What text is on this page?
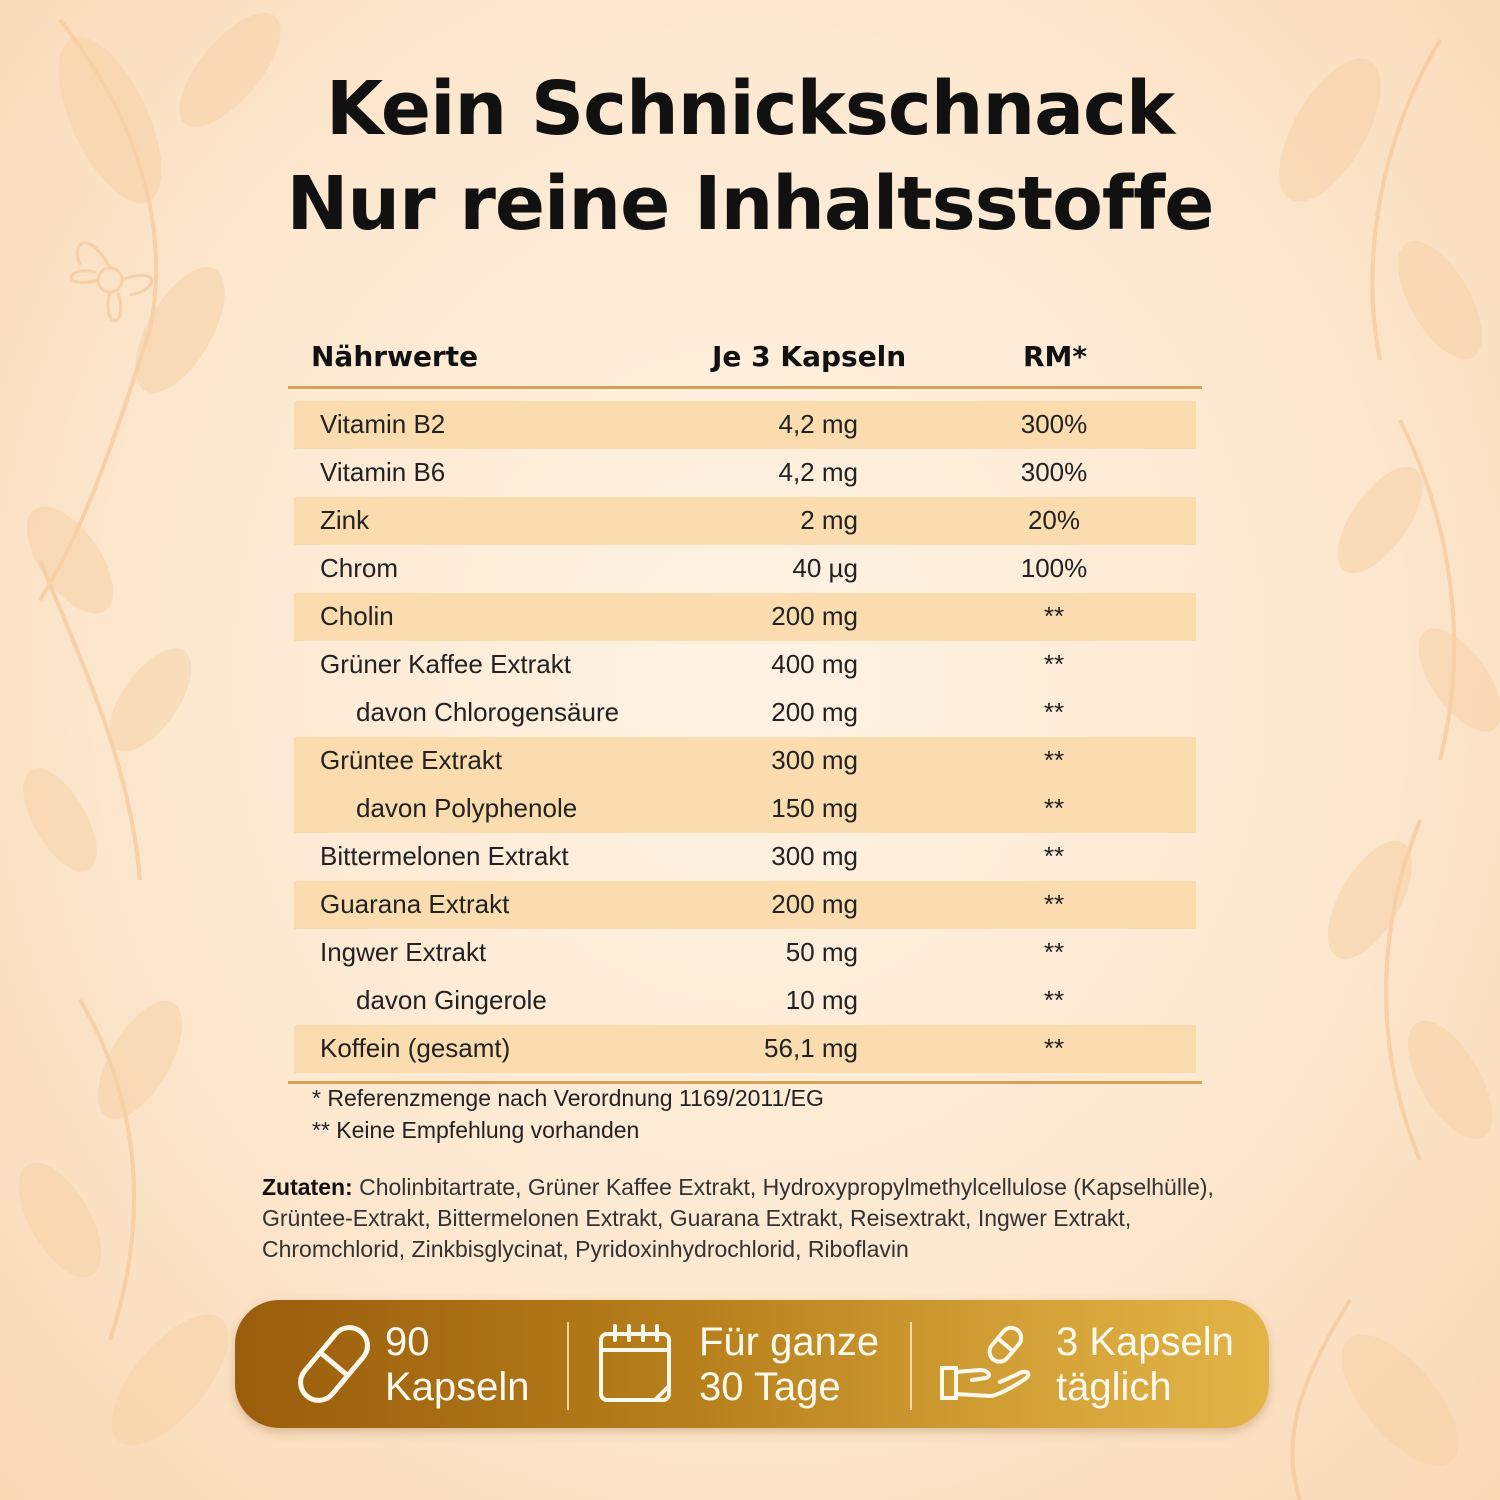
Kein Schnickschnack
Nur reine Inhaltsstoffe
Nährwerte	Je 3 Kapseln	RM*
Vitamin B2	4,2 mg	300%
Vitamin B6	4,2 mg	300%
Zink	2 mg	20%
Chrom	40 µg	100%
Cholin	200 mg	**
Grüner Kaffee Extrakt	400 mg	**
davon Chlorogensäure	200 mg	**
Grüntee Extrakt	300 mg	**
davon Polyphenole	150 mg	**
Bittermelonen Extrakt	300 mg	**
Guarana Extrakt	200 mg	**
Ingwer Extrakt	50 mg	**
davon Gingerole	10 mg	**
Koffein (gesamt)	56,1 mg	**
* Referenzmenge nach Verordnung 1169/2011/EG
** Keine Empfehlung vorhanden
Zutaten: Cholinbitartrate, Grüner Kaffee Extrakt, Hydroxypropylmethylcellulose (Kapselhülle), Grüntee-Extrakt, Bittermelonen Extrakt, Guarana Extrakt, Reisextrakt, Ingwer Extrakt, Chromchlorid, Zinkbisglycinat, Pyridoxinhydrochlorid, Riboflavin
90
Kapseln
Für ganze
30 Tage
3 Kapseln
täglich
